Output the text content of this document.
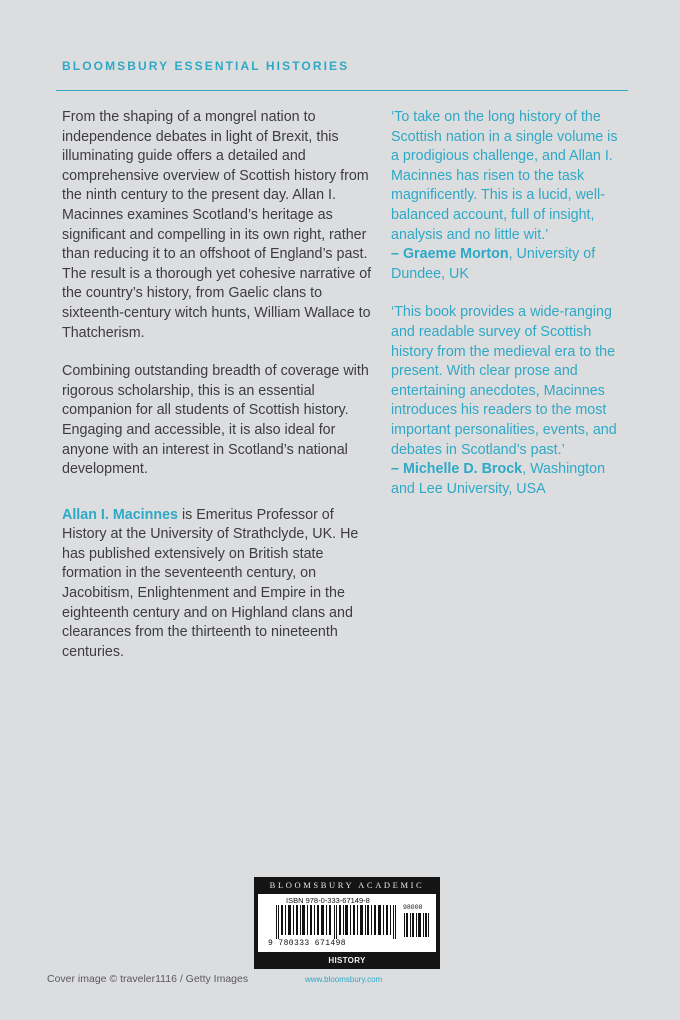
BLOOMSBURY ESSENTIAL HISTORIES

From the shaping of a mongrel nation to independence debates in light of Brexit, this illuminating guide offers a detailed and comprehensive overview of Scottish history from the ninth century to the present day. Allan I. Macinnes examines Scotland’s heritage as significant and compelling in its own right, rather than reducing it to an offshoot of England’s past. The result is a thorough yet cohesive narrative of the country’s history, from Gaelic clans to sixteenth-century witch hunts, William Wallace to Thatcherism.

Combining outstanding breadth of coverage with rigorous scholarship, this is an essential companion for all students of Scottish history. Engaging and accessible, it is also ideal for anyone with an interest in Scotland’s national development.

Allan I. Macinnes is Emeritus Professor of History at the University of Strathclyde, UK. He has published extensively on British state formation in the seventeenth century, on Jacobitism, Enlightenment and Empire in the eighteenth century and on Highland clans and clearances from the thirteenth to nineteenth centuries.

‘To take on the long history of the Scottish nation in a single volume is a prodigious challenge, and Allan I. Macinnes has risen to the task magnificently. This is a lucid, well-balanced account, full of insight, analysis and no little wit.’
– Graeme Morton, University of Dundee, UK
‘This book provides a wide-ranging and readable survey of Scottish history from the medieval era to the present. With clear prose and entertaining anecdotes, Macinnes introduces his readers to the most important personalities, events, and debates in Scotland’s past.’
– Michelle D. Brock, Washington and Lee University, USA
BLOOMSBURY ACADEMIC
ISBN 978-0-333-67149-8
9 780333 671498
98000
HISTORY
Cover image © traveler1116 / Getty Images	www.bloomsbury.com
